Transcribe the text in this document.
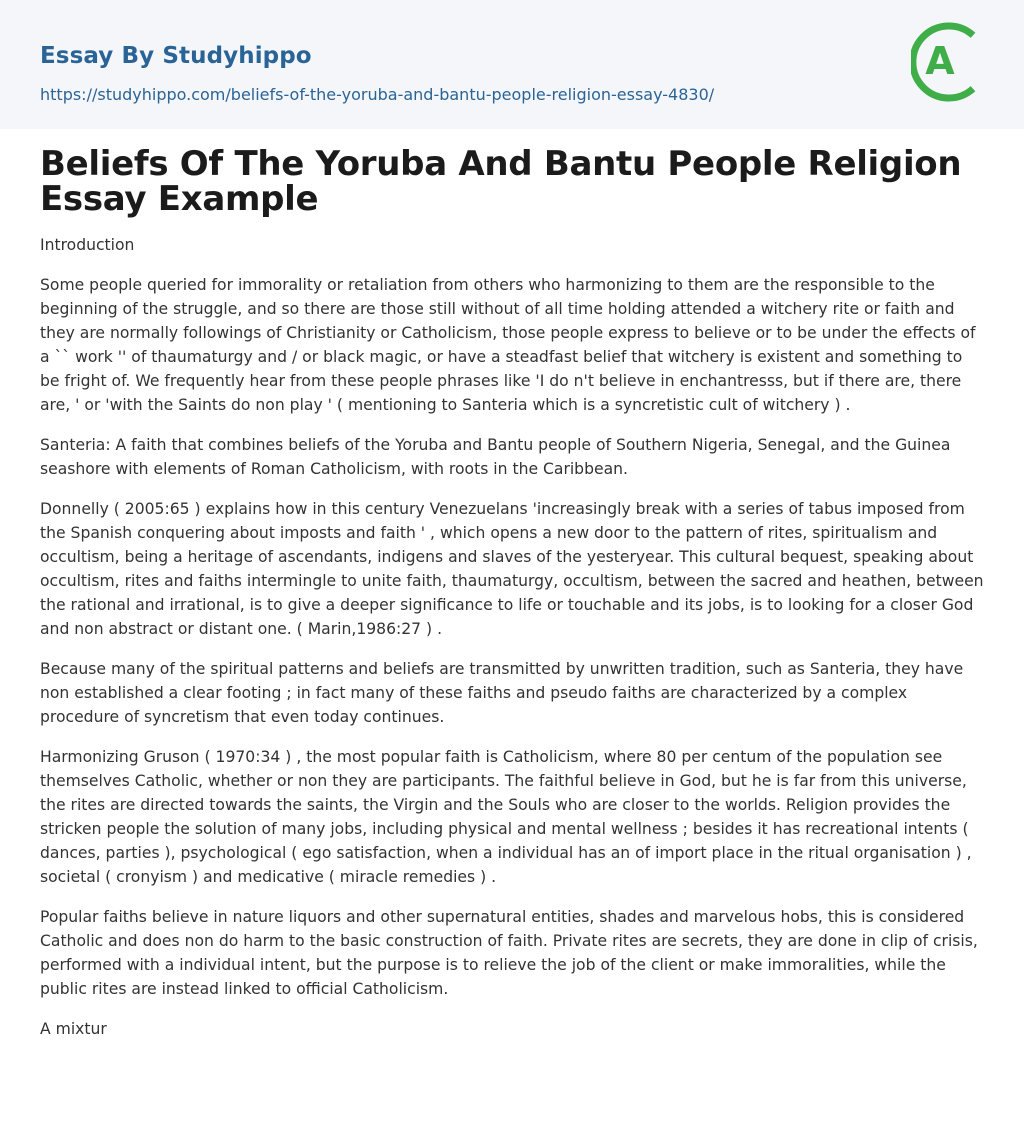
Essay By Studyhippo
https://studyhippo.com/beliefs-of-the-yoruba-and-bantu-people-religion-essay-4830/
A
Beliefs Of The Yoruba And Bantu People Religion Essay Example

Introduction

Some people queried for immorality or retaliation from others who harmonizing to them are the responsible to the beginning of the struggle, and so there are those still without of all time holding attended a witchery rite or faith and they are normally followings of Christianity or Catholicism, those people express to believe or to be under the effects of a `` work '' of thaumaturgy and / or black magic, or have a steadfast belief that witchery is existent and something to be fright of. We frequently hear from these people phrases like 'I do n't believe in enchantresss, but if there are, there are, ' or 'with the Saints do non play ' ( mentioning to Santeria which is a syncretistic cult of witchery ) .

Santeria: A faith that combines beliefs of the Yoruba and Bantu people of Southern Nigeria, Senegal, and the Guinea seashore with elements of Roman Catholicism, with roots in the Caribbean.

Donnelly ( 2005:65 ) explains how in this century Venezuelans 'increasingly break with a series of tabus imposed from the Spanish conquering about imposts and faith ' , which opens a new door to the pattern of rites, spiritualism and occultism, being a heritage of ascendants, indigens and slaves of the yesteryear. This cultural bequest, speaking about occultism, rites and faiths intermingle to unite faith, thaumaturgy, occultism, between the sacred and heathen, between the rational and irrational, is to give a deeper significance to life or touchable and its jobs, is to looking for a closer God and non abstract or distant one. ( Marin,1986:27 ) .

Because many of the spiritual patterns and beliefs are transmitted by unwritten tradition, such as Santeria, they have non established a clear footing ; in fact many of these faiths and pseudo faiths are characterized by a complex procedure of syncretism that even today continues.

Harmonizing Gruson ( 1970:34 ) , the most popular faith is Catholicism, where 80 per centum of the population see themselves Catholic, whether or non they are participants. The faithful believe in God, but he is far from this universe, the rites are directed towards the saints, the Virgin and the Souls who are closer to the worlds. Religion provides the stricken people the solution of many jobs, including physical and mental wellness ; besides it has recreational intents ( dances, parties ), psychological ( ego satisfaction, when a individual has an of import place in the ritual organisation ) , societal ( cronyism ) and medicative ( miracle remedies ) .

Popular faiths believe in nature liquors and other supernatural entities, shades and marvelous hobs, this is considered Catholic and does non do harm to the basic construction of faith. Private rites are secrets, they are done in clip of crisis, performed with a individual intent, but the purpose is to relieve the job of the client or make immoralities, while the public rites are instead linked to official Catholicism.

A mixtur
